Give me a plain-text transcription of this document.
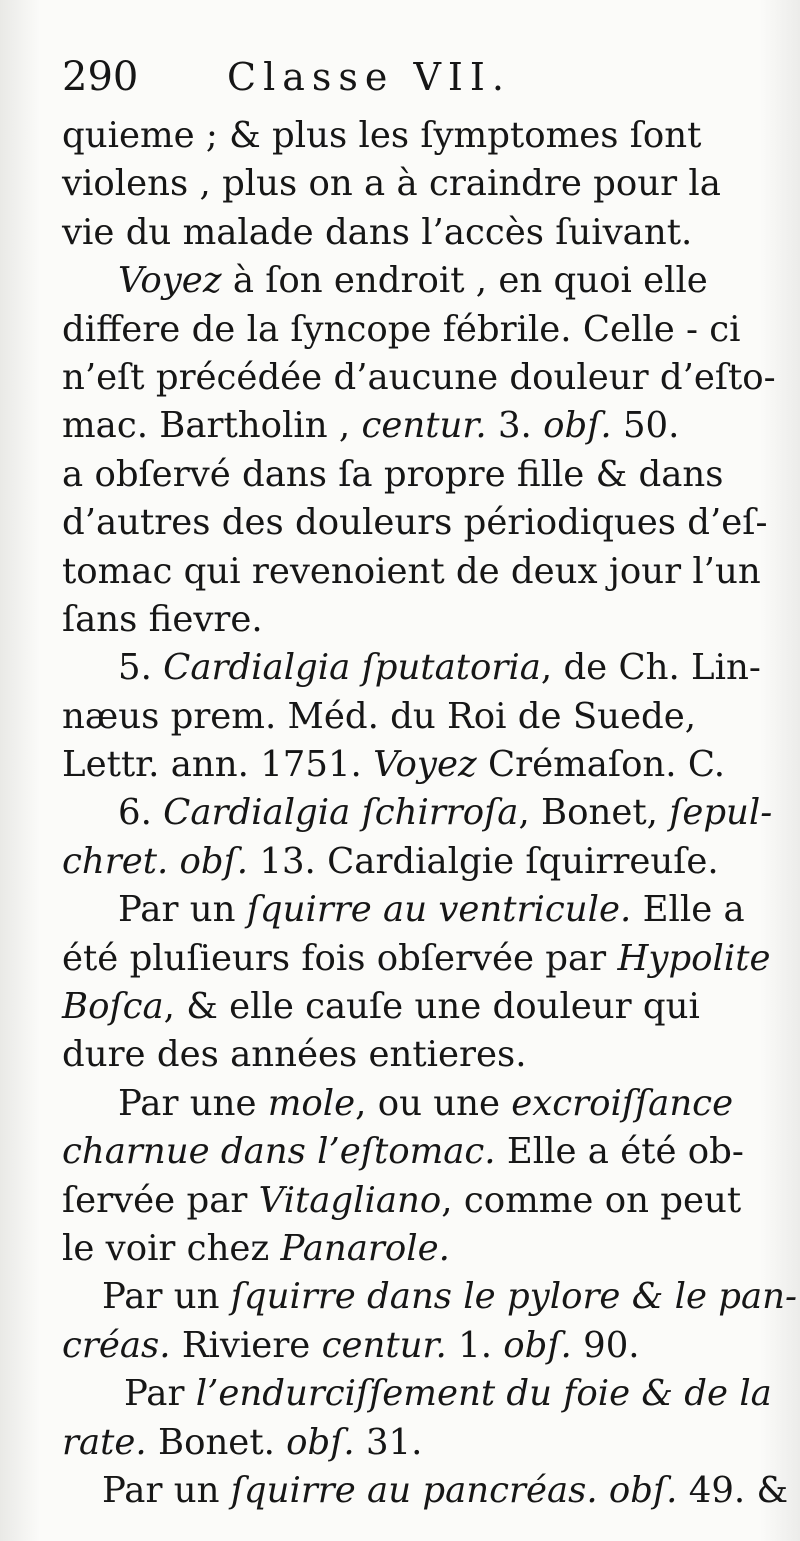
290 Classe VII.
quieme ; & plus les ſymptomes ſont
violens , plus on a à craindre pour la
vie du malade dans l’accès ſuivant.
Voyez à ſon endroit , en quoi elle
differe de la ſyncope fébrile. Celle - ci
n’eſt précédée d’aucune douleur d’eſto-
mac. Bartholin , centur. 3. obſ. 50.
a obſervé dans ſa propre fille & dans
d’autres des douleurs périodiques d’eſ-
tomac qui revenoient de deux jour l’un
ſans fievre.
5. Cardialgia ſputatoria, de Ch. Lin-
næus prem. Méd. du Roi de Suede,
Lettr. ann. 1751. Voyez Crémaſon. C.
6. Cardialgia ſchirroſa, Bonet, ſepul-
chret. obſ. 13. Cardialgie ſquirreuſe.
Par un ſquirre au ventricule. Elle a
été pluſieurs fois obſervée par Hypolite
Boſca, & elle cauſe une douleur qui
dure des années entieres.
Par une mole, ou une excroiſſance
charnue dans l’eſtomac. Elle a été ob-
ſervée par Vitagliano, comme on peut
le voir chez Panarole.
Par un ſquirre dans le pylore & le pan-
créas. Riviere centur. 1. obſ. 90.
Par l’endurciſſement du foie & de la
rate. Bonet. obſ. 31.
Par un ſquirre au pancréas. obſ. 49. &
